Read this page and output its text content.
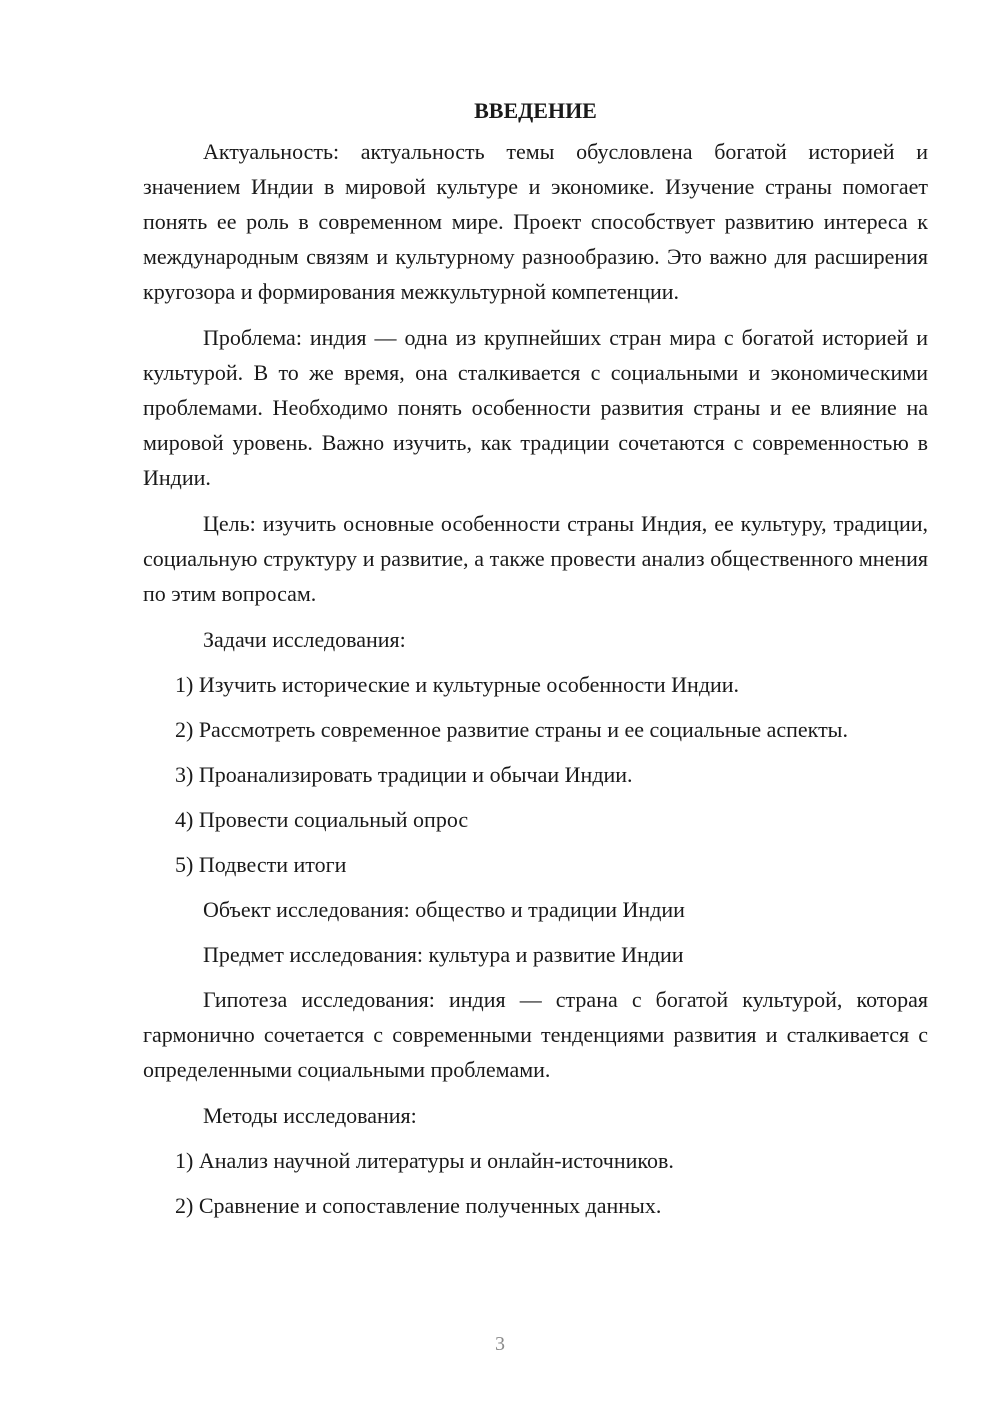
ВВЕДЕНИЕ

Актуальность: актуальность темы обусловлена богатой историей и значением Индии в мировой культуре и экономике. Изучение страны помогает понять ее роль в современном мире. Проект способствует развитию интереса к международным связям и культурному разнообразию. Это важно для расширения кругозора и формирования межкультурной компетенции.

Проблема: индия — одна из крупнейших стран мира с богатой историей и культурой. В то же время, она сталкивается с социальными и экономическими проблемами. Необходимо понять особенности развития страны и ее влияние на мировой уровень. Важно изучить, как традиции сочетаются с современностью в Индии.

Цель: изучить основные особенности страны Индия, ее культуру, традиции, социальную структуру и развитие, а также провести анализ общественного мнения по этим вопросам.

Задачи исследования:

1) Изучить исторические и культурные особенности Индии.

2) Рассмотреть современное развитие страны и ее социальные аспекты.

3) Проанализировать традиции и обычаи Индии.

4) Провести социальный опрос

5) Подвести итоги

Объект исследования: общество и традиции Индии

Предмет исследования: культура и развитие Индии

Гипотеза исследования: индия — страна с богатой культурой, которая гармонично сочетается с современными тенденциями развития и сталкивается с определенными социальными проблемами.

Методы исследования:

1) Анализ научной литературы и онлайн-источников.

2) Сравнение и сопоставление полученных данных.

3
